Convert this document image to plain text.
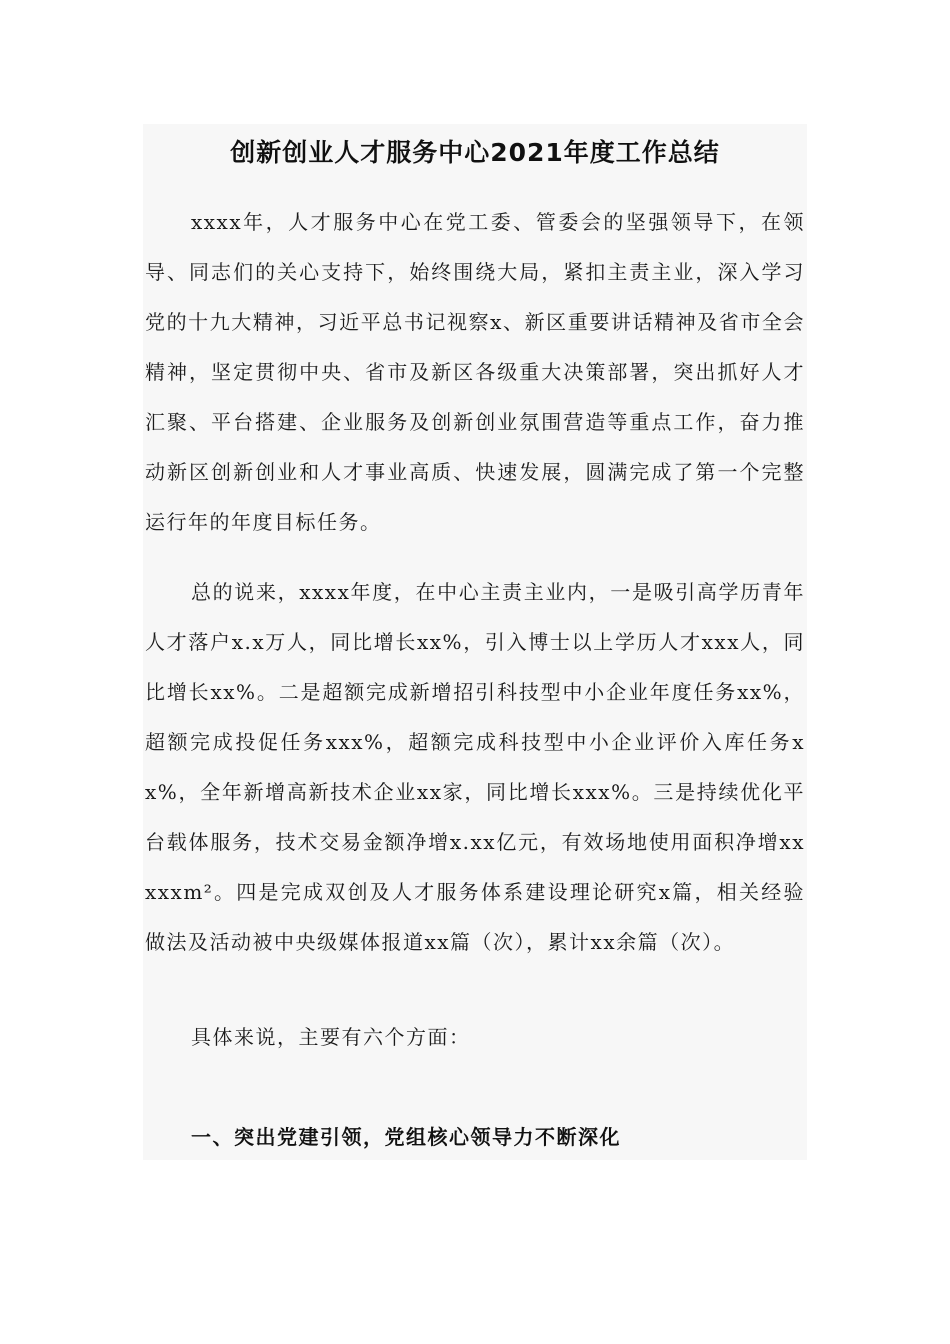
创新创业人才服务中心2021年度工作总结

xxxx年，人才服务中心在党工委、管委会的坚强领导下，在领导、同志们的关心支持下，始终围绕大局，紧扣主责主业，深入学习党的十九大精神，习近平总书记视察x、新区重要讲话精神及省市全会精神，坚定贯彻中央、省市及新区各级重大决策部署，突出抓好人才汇聚、平台搭建、企业服务及创新创业氛围营造等重点工作，奋力推动新区创新创业和人才事业高质、快速发展，圆满完成了第一个完整运行年的年度目标任务。

总的说来，xxxx年度，在中心主责主业内，一是吸引高学历青年人才落户x.x万人，同比增长xx%，引入博士以上学历人才xxx人，同比增长xx%。二是超额完成新增招引科技型中小企业年度任务xx%，超额完成投促任务xxx%，超额完成科技型中小企业评价入库任务xx%，全年新增高新技术企业xx家，同比增长xxx%。三是持续优化平台载体服务，技术交易金额净增x.xx亿元，有效场地使用面积净增xxxxxm²。四是完成双创及人才服务体系建设理论研究x篇，相关经验做法及活动被中央级媒体报道xx篇（次），累计xx余篇（次）。

具体来说，主要有六个方面：

一、突出党建引领，党组核心领导力不断深化
